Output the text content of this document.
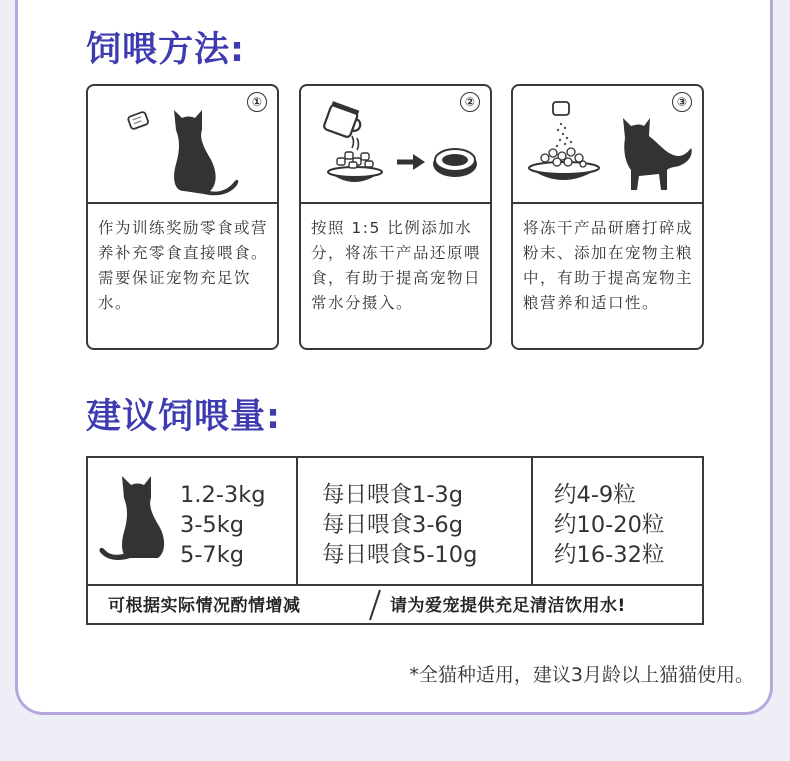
饲喂方法:
①

作为训练奖励零食或营养补充零食直接喂食。需要保证宠物充足饮水。

②

按照 1:5 比例添加水分，将冻干产品还原喂食，有助于提高宠物日常水分摄入。

③

将冻干产品研磨打碎成粉末、添加在宠物主粮中，有助于提高宠物主粮营养和适口性。

建议饲喂量:
1.2-3kg
3-5kg
5-7kg
每日喂食1-3g
每日喂食3-6g
每日喂食5-10g
约4-9粒
约10-20粒
约16-32粒
可根据实际情况酌情增减	请为爱宠提供充足清洁饮用水!
*全猫种适用，建议3月龄以上猫猫使用。
